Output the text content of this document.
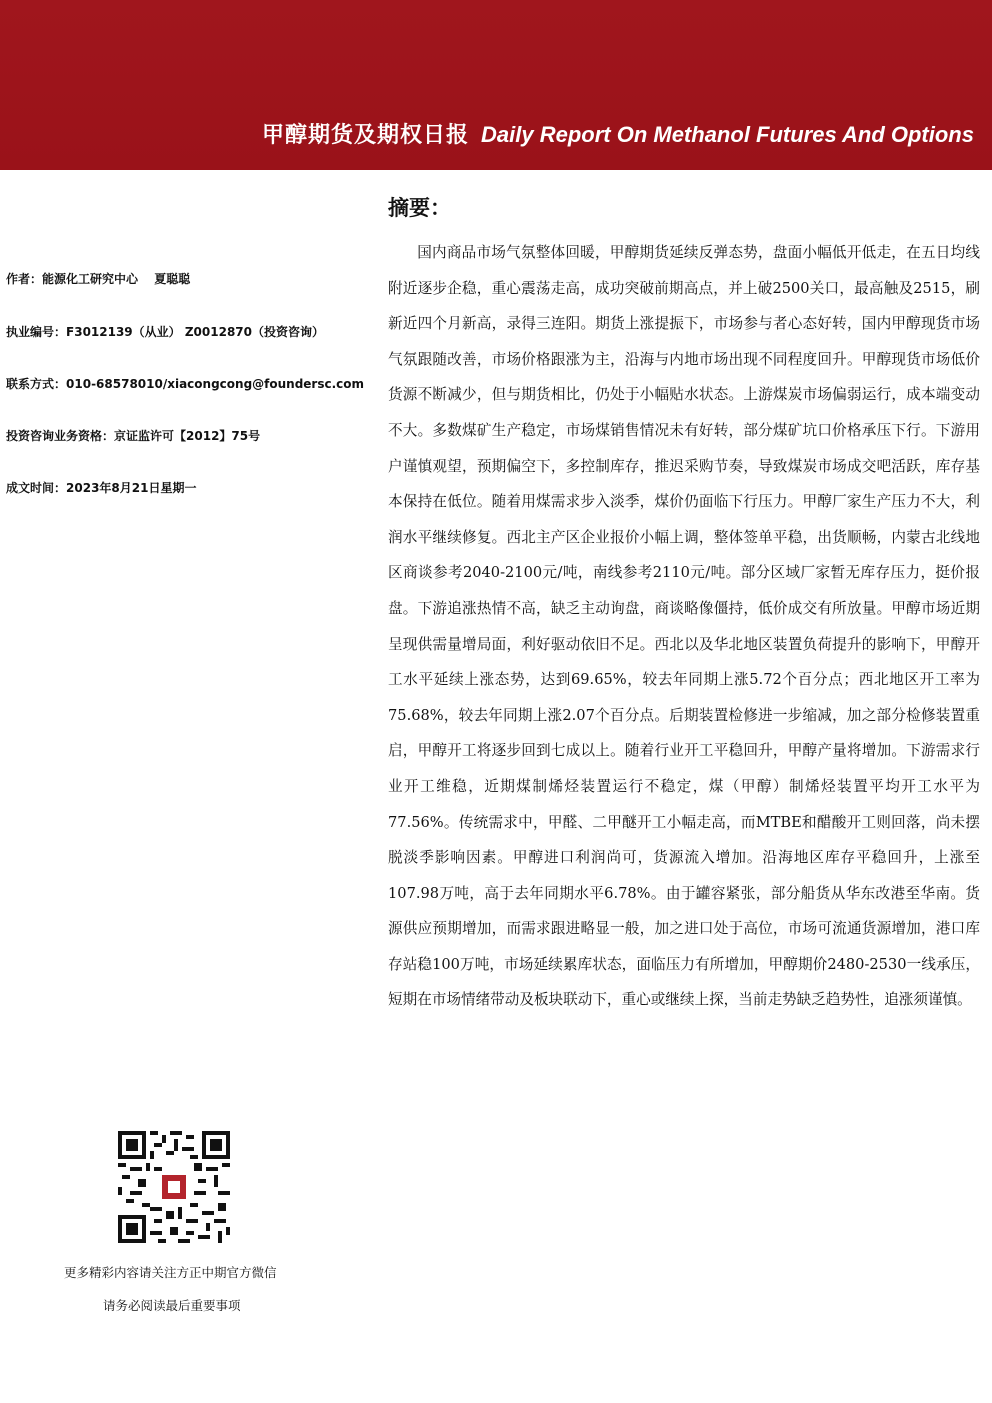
甲醇期货及期权日报 Daily Report On Methanol Futures And Options
作者：能源化工研究中心　 夏聪聪
执业编号：F3012139（从业） Z0012870（投资咨询）
联系方式：010-68578010/xiacongcong@foundersc.com
投资咨询业务资格：京证监许可【2012】75号
成文时间：2023年8月21日星期一
摘要：
国内商品市场气氛整体回暖，甲醇期货延续反弹态势，盘面小幅低开低走，在五日均线附近逐步企稳，重心震荡走高，成功突破前期高点，并上破2500关口，最高触及2515，刷新近四个月新高，录得三连阳。期货上涨提振下，市场参与者心态好转，国内甲醇现货市场气氛跟随改善，市场价格跟涨为主，沿海与内地市场出现不同程度回升。甲醇现货市场低价货源不断减少，但与期货相比，仍处于小幅贴水状态。上游煤炭市场偏弱运行，成本端变动不大。多数煤矿生产稳定，市场煤销售情况未有好转，部分煤矿坑口价格承压下行。下游用户谨慎观望，预期偏空下，多控制库存，推迟采购节奏，导致煤炭市场成交吧活跃，库存基本保持在低位。随着用煤需求步入淡季，煤价仍面临下行压力。甲醇厂家生产压力不大，利润水平继续修复。西北主产区企业报价小幅上调，整体签单平稳，出货顺畅，内蒙古北线地区商谈参考2040-2100元/吨，南线参考2110元/吨。部分区域厂家暂无库存压力，挺价报盘。下游追涨热情不高，缺乏主动询盘，商谈略像僵持，低价成交有所放量。甲醇市场近期呈现供需量增局面，利好驱动依旧不足。西北以及华北地区装置负荷提升的影响下，甲醇开工水平延续上涨态势，达到69.65%，较去年同期上涨5.72个百分点；西北地区开工率为75.68%，较去年同期上涨2.07个百分点。后期装置检修进一步缩减，加之部分检修装置重启，甲醇开工将逐步回到七成以上。随着行业开工平稳回升，甲醇产量将增加。下游需求行业开工维稳，近期煤制烯烃装置运行不稳定，煤（甲醇）制烯烃装置平均开工水平为77.56%。传统需求中，甲醛、二甲醚开工小幅走高，而MTBE和醋酸开工则回落，尚未摆脱淡季影响因素。甲醇进口利润尚可，货源流入增加。沿海地区库存平稳回升，上涨至107.98万吨，高于去年同期水平6.78%。由于罐容紧张，部分船货从华东改港至华南。货源供应预期增加，而需求跟进略显一般，加之进口处于高位，市场可流通货源增加，港口库存站稳100万吨，市场延续累库状态，面临压力有所增加，甲醇期价2480-2530一线承压，短期在市场情绪带动及板块联动下，重心或继续上探，当前走势缺乏趋势性，追涨须谨慎。
更多精彩内容请关注方正中期官方微信
请务必阅读最后重要事项
